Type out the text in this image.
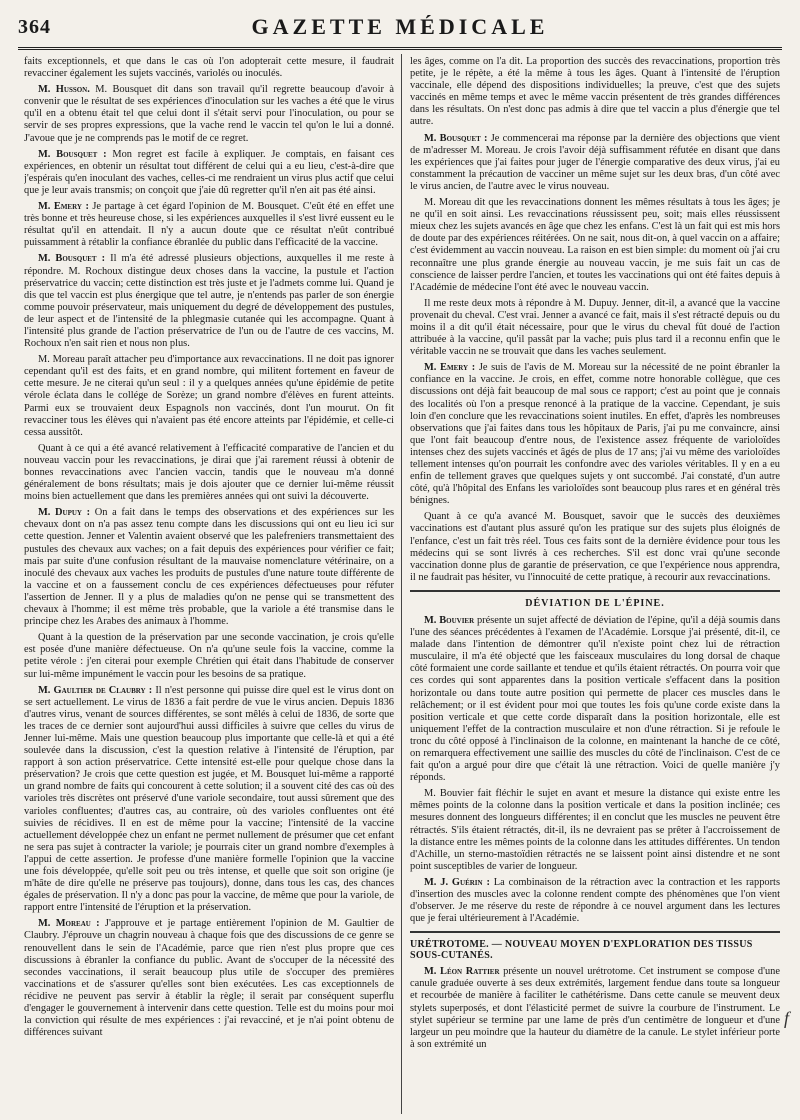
364	GAZETTE MÉDICALE

faits exceptionnels, et que dans le cas où l'on adopterait cette mesure, il faudrait revacciner également les sujets vaccinés, variolés ou inoculés.

M. Husson. M. Bousquet dit dans son travail qu'il regrette beaucoup d'avoir à convenir que le résultat de ses expériences d'inoculation sur les vaches a été que le virus qu'il en a obtenu était tel que celui dont il s'était servi pour l'inoculation, ou pour se servir de ses propres expressions, que la vache rend le vaccin tel qu'on le lui a donné. J'avoue que je ne comprends pas le motif de ce regret.

M. Bousquet : Mon regret est facile à expliquer. Je comptais, en faisant ces expériences, en obtenir un résultat tout différent de celui qui a eu lieu, c'est-à-dire que j'espérais qu'en inoculant des vaches, celles-ci me rendraient un virus plus actif que celui que je leur avais transmis; on conçoit que j'aie dû regretter qu'il n'en ait pas été ainsi.

M. Emery : Je partage à cet égard l'opinion de M. Bousquet. C'eût été en effet une très bonne et très heureuse chose, si les expériences auxquelles il s'est livré eussent eu le résultat qu'il en attendait. Il n'y a aucun doute que ce résultat n'eût contribué puissamment à rétablir la confiance ébranlée du public dans l'efficacité de la vaccine.

M. Bousquet : Il m'a été adressé plusieurs objections, auxquelles il me reste à répondre. M. Rochoux distingue deux choses dans la vaccine, la pustule et l'action préservatrice du vaccin; cette distinction est très juste et je l'admets comme lui. Quand je dis que tel vaccin est plus énergique que tel autre, je n'entends pas parler de son énergie comme pouvoir préservateur, mais uniquement du degré de développement des pustules, de leur aspect et de l'intensité de la phlegmasie cutanée qui les accompagne. Quant à l'intensité plus grande de l'action préservatrice de l'un ou de l'autre de ces vaccins, M. Rochoux n'en sait rien et nous non plus.

M. Moreau paraît attacher peu d'importance aux revaccinations. Il ne doit pas ignorer cependant qu'il est des faits, et en grand nombre, qui militent fortement en faveur de cette mesure. Je ne citerai qu'un seul : il y a quelques années qu'une épidémie de petite vérole éclata dans le collége de Sorèze; un grand nombre d'élèves en furent atteints. Parmi eux se trouvaient deux Espagnols non vaccinés, dont l'un mourut. On fit revacciner tous les élèves qui n'avaient pas été encore atteints par l'épidémie, et celle-ci cessa aussitôt.

Quant à ce qui a été avancé relativement à l'efficacité comparative de l'ancien et du nouveau vaccin pour les revaccinations, je dirai que j'ai rarement réussi à obtenir de bonnes revaccinations avec l'ancien vaccin, tandis que le nouveau m'a donné généralement de bons résultats; mais je dois ajouter que ce dernier lui-même réussit moins bien actuellement que dans les premières années qui ont suivi la découverte.

M. Dupuy : On a fait dans le temps des observations et des expériences sur les chevaux dont on n'a pas assez tenu compte dans les discussions qui ont eu lieu ici sur cette question. Jenner et Valentin avaient observé que les palefreniers transmettaient des pustules des chevaux aux vaches; on a fait depuis des expériences pour vérifier ce fait; mais par suite d'une confusion résultant de la mauvaise nomenclature vétérinaire, on a inoculé des chevaux aux vaches les produits de pustules d'une nature toute différente de la vaccine et on a faussement conclu de ces expériences défectueuses pour réfuter l'assertion de Jenner. Il y a plus de maladies qu'on ne pense qui se transmettent des chevaux à l'homme; il est même très probable, que la variole a été transmise dans le principe chez les Arabes des animaux à l'homme.

Quant à la question de la préservation par une seconde vaccination, je crois qu'elle est posée d'une manière défectueuse. On n'a qu'une seule fois la vaccine, comme la petite vérole : j'en citerai pour exemple Chrétien qui était dans l'habitude de conserver sur lui-même impunément le vaccin pour les besoins de sa pratique.

M. Gaultier de Claubry : Il n'est personne qui puisse dire quel est le virus dont on se sert actuellement. Le virus de 1836 a fait perdre de vue le virus ancien. Depuis 1836 d'autres virus, venant de sources différentes, se sont mêlés à celui de 1836, de sorte que les traces de ce dernier sont aujourd'hui aussi difficiles à suivre que celles du virus de Jenner lui-même. Mais une question beaucoup plus importante que celle-là et qui a été soulevée dans la discussion, c'est la question relative à l'intensité de l'éruption, par rapport à son action préservatrice. Cette intensité est-elle pour quelque chose dans la préservation? Je crois que cette question est jugée, et M. Bousquet lui-même a rapporté un grand nombre de faits qui concourent à cette solution; il a souvent cité des cas où des varioles très discrètes ont préservé d'une variole secondaire, tout aussi sûrement que des varioles confluentes; d'autres cas, au contraire, où des varioles confluentes ont été suivies de récidives. Il en est de même pour la vaccine; l'intensité de la vaccine actuellement développée chez un enfant ne permet nullement de présumer que cet enfant ne sera pas sujet à contracter la variole; je pourrais citer un grand nombre d'exemples à l'appui de cette assertion. Je professe d'une manière formelle l'opinion que la vaccine une fois développée, qu'elle soit peu ou très intense, et quelle que soit son origine (je m'hâte de dire qu'elle ne préserve pas toujours), donne, dans tous les cas, des chances égales de préservation. Il n'y a donc pas pour la vaccine, de même que pour la variole, de rapport entre l'intensité de l'éruption et la préservation.

M. Moreau : J'approuve et je partage entièrement l'opinion de M. Gaultier de Claubry. J'éprouve un chagrin nouveau à chaque fois que des discussions de ce genre se renouvellent dans le sein de l'Académie, parce que rien n'est plus propre que ces discussions à ébranler la confiance du public. Avant de s'occuper de la nécessité des secondes vaccinations, il serait beaucoup plus utile de s'occuper des premières vaccinations et de s'assurer qu'elles sont bien exécutées. Les cas exceptionnels de récidive ne peuvent pas servir à établir la règle; il serait par conséquent superflu d'engager le gouvernement à intervenir dans cette question. Telle est du moins pour moi la conviction qui résulte de mes expériences : j'ai revacciné, et je n'ai point obtenu de différences suivant

les âges, comme on l'a dit. La proportion des succès des revaccinations, proportion très petite, je le répète, a été la même à tous les âges. Quant à l'intensité de l'éruption vaccinale, elle dépend des dispositions individuelles; la preuve, c'est que des sujets vaccinés en même temps et avec le même vaccin présentent de très grandes différences dans les résultats. On n'est donc pas admis à dire que tel vaccin a plus d'énergie que tel autre.

M. Bousquet : Je commencerai ma réponse par la dernière des objections que vient de m'adresser M. Moreau. Je crois l'avoir déjà suffisamment réfutée en disant que dans les expériences que j'ai faites pour juger de l'énergie comparative des deux virus, j'ai eu constamment la précaution de vacciner un même sujet sur les deux bras, d'un côté avec le virus ancien, de l'autre avec le virus nouveau.

M. Moreau dit que les revaccinations donnent les mêmes résultats à tous les âges; je ne qu'il en soit ainsi. Les revaccinations réussissent peu, soit; mais elles réussissent mieux chez les sujets avancés en âge que chez les enfans. C'est là un fait qui est mis hors de doute par des expériences réitérées. On ne sait, nous dit-on, à quel vaccin on a affaire; c'est évidemment au vaccin nouveau. La raison en est bien simple: du moment où j'ai cru reconnaître une plus grande énergie au nouveau vaccin, je me suis fait un cas de conscience de laisser perdre l'ancien, et toutes les vaccinations qui ont été faites depuis à l'Académie de médecine l'ont été avec le nouveau vaccin.

Il me reste deux mots à répondre à M. Dupuy. Jenner, dit-il, a avancé que la vaccine provenait du cheval. C'est vrai. Jenner a avancé ce fait, mais il s'est rétracté depuis ou du moins il a dit qu'il était nécessaire, pour que le virus du cheval fût doué de l'action attribuée à la vaccine, qu'il passât par la vache; puis plus tard il a reconnu enfin que le véritable vaccin ne se trouvait que dans les vaches seulement.

M. Emery : Je suis de l'avis de M. Moreau sur la nécessité de ne point ébranler la confiance en la vaccine. Je crois, en effet, comme notre honorable collègue, que ces discussions ont déjà fait beaucoup de mal sous ce rapport; c'est au point que je connais des localités où l'on a presque renoncé à la pratique de la vaccine. Cependant, je suis loin d'en conclure que les revaccinations soient inutiles. En effet, d'après les nombreuses observations que j'ai faites dans tous les hôpitaux de Paris, j'ai pu me convaincre, ainsi que l'ont fait beaucoup d'entre nous, de l'existence assez fréquente de varioloïdes intenses chez des sujets vaccinés et âgés de plus de 17 ans; j'ai vu même des varioloïdes tellement intenses qu'on pourrait les confondre avec des varioles véritables. Il y en a eu enfin de tellement graves que quelques sujets y ont succombé. J'ai constaté, d'un autre côté, qu'à l'hôpital des Enfans les varioloïdes sont beaucoup plus rares et en général très bénignes.

Quant à ce qu'a avancé M. Bousquet, savoir que le succès des deuxièmes vaccinations est d'autant plus assuré qu'on les pratique sur des sujets plus éloignés de l'enfance, c'est un fait très réel. Tous ces faits sont de la dernière évidence pour tous les médecins qui se sont livrés à ces recherches. S'il est donc vrai qu'une seconde vaccination donne plus de garantie de préservation, ce que l'expérience nous apprendra, il ne faudrait pas hésiter, vu l'innocuité de cette pratique, à recourir aux revaccinations.

DÉVIATION DE L'ÉPINE.

M. Bouvier présente un sujet affecté de déviation de l'épine, qu'il a déjà soumis dans l'une des séances précédentes à l'examen de l'Académie. Lorsque j'ai présenté, dit-il, ce malade dans l'intention de démontrer qu'il n'existe point chez lui de rétraction musculaire, il m'a été objecté que les faisceaux musculaires du long dorsal de chaque côté formaient une corde saillante et tendue et qu'ils étaient rétractés. On pourra voir que ces cordes qui sont apparentes dans la position verticale s'effacent dans la position horizontale ou dans toute autre position qui permette de placer ces muscles dans le relâchement; or il est évident pour moi que toutes les fois qu'une corde existe dans la position verticale et que cette corde disparaît dans la position horizontale, elle est uniquement l'effet de la contraction musculaire et non d'une rétraction. Si je refoule le tronc du côté opposé à l'inclinaison de la colonne, en maintenant la hanche de ce côté, on remarquera effectivement une saillie des muscles du côté de l'inclinaison. C'est de ce fait qu'on a argué pour dire que c'était là une rétraction. Voici de quelle manière j'y réponds.

M. Bouvier fait fléchir le sujet en avant et mesure la distance qui existe entre les mêmes points de la colonne dans la position verticale et dans la position inclinée; ces mesures donnent des longueurs différentes; il en conclut que les muscles ne peuvent être rétractés. S'ils étaient rétractés, dit-il, ils ne devraient pas se prêter à l'accroissement de la distance entre les mêmes points de la colonne dans les attitudes différentes. Un tendon d'Achille, un sterno-mastoïdien rétractés ne se laissent point ainsi distendre et ne sont point susceptibles de varier de longueur.

M. J. Guérin : La combinaison de la rétraction avec la contraction et les rapports d'insertion des muscles avec la colonne rendent compte des phénomènes que l'on vient d'observer. Je me réserve du reste de répondre à ce nouvel argument dans les lectures que je ferai ultérieurement à l'Académie.

URÉTROTOME. — NOUVEAU MOYEN D'EXPLORATION DES TISSUS SOUS-CUTANÉS.

M. Léon Rattier présente un nouvel urétrotome. Cet instrument se compose d'une canule graduée ouverte à ses deux extrémités, largement fendue dans toute sa longueur et recourbée de manière à faciliter le cathétérisme. Dans cette canule se meuvent deux stylets superposés, et dont l'élasticité permet de suivre la courbure de l'instrument. Le stylet supérieur se termine par une lame de près d'un centimètre de longueur et d'une largeur un peu moindre que la hauteur du diamètre de la canule. Le stylet inférieur porte à son extrémité un

f
